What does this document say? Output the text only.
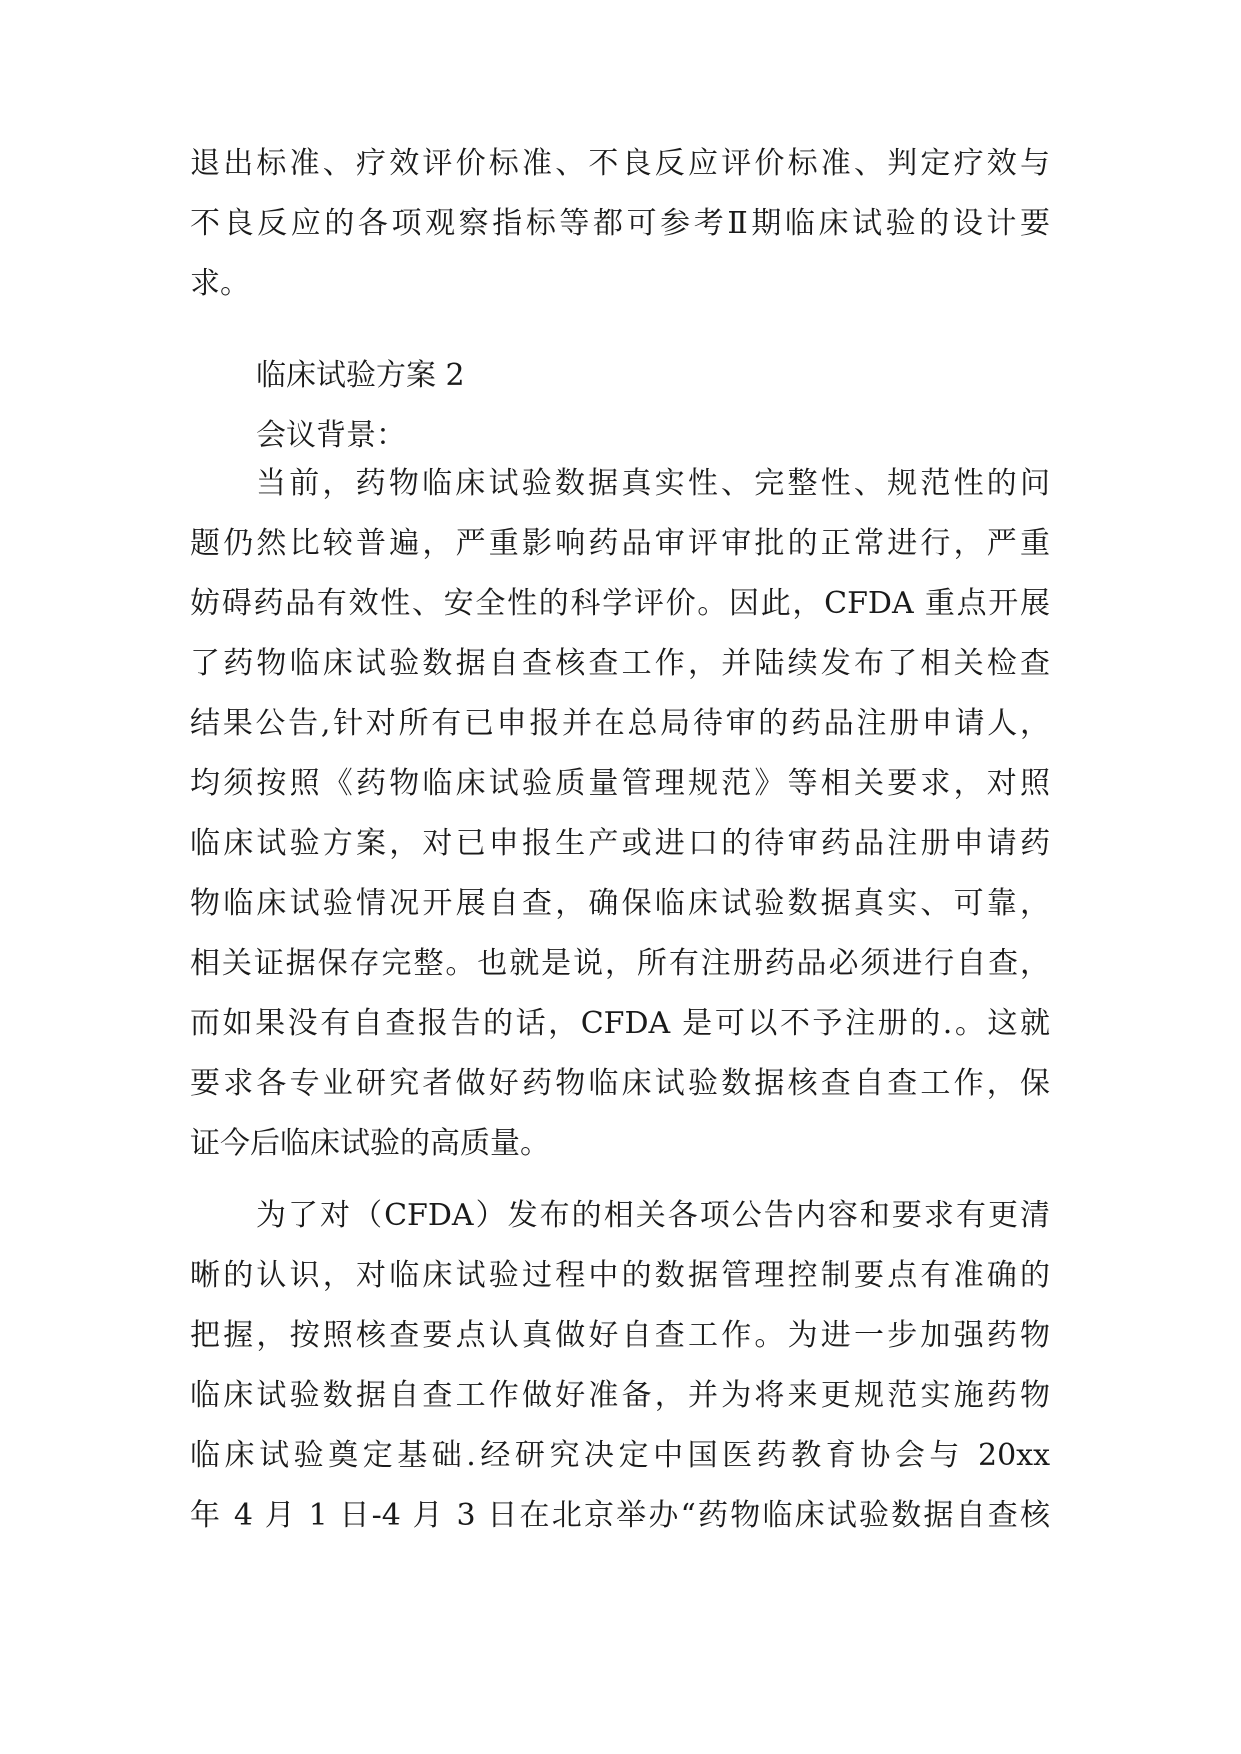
退出标准、疗效评价标准、不良反应评价标准、判定疗效与
不良反应的各项观察指标等都可参考Ⅱ期临床试验的设计要
求。
临床试验方案 2
会议背景：
当前，药物临床试验数据真实性、完整性、规范性的问
题仍然比较普遍，严重影响药品审评审批的正常进行，严重
妨碍药品有效性、安全性的科学评价。因此，CFDA 重点开展
了药物临床试验数据自查核查工作，并陆续发布了相关检查
结果公告,针对所有已申报并在总局待审的药品注册申请人，
均须按照《药物临床试验质量管理规范》等相关要求，对照
临床试验方案，对已申报生产或进口的待审药品注册申请药
物临床试验情况开展自查，确保临床试验数据真实、可靠，
相关证据保存完整。也就是说，所有注册药品必须进行自查，
而如果没有自查报告的话，CFDA 是可以不予注册的.。这就
要求各专业研究者做好药物临床试验数据核查自查工作，保
证今后临床试验的高质量。
为了对（CFDA）发布的相关各项公告内容和要求有更清
晰的认识，对临床试验过程中的数据管理控制要点有准确的
把握，按照核查要点认真做好自查工作。为进一步加强药物
临床试验数据自查工作做好准备，并为将来更规范实施药物
临床试验奠定基础.经研究决定中国医药教育协会与 20xx
年 4 月 1 日-4 月 3 日在北京举办“药物临床试验数据自查核
